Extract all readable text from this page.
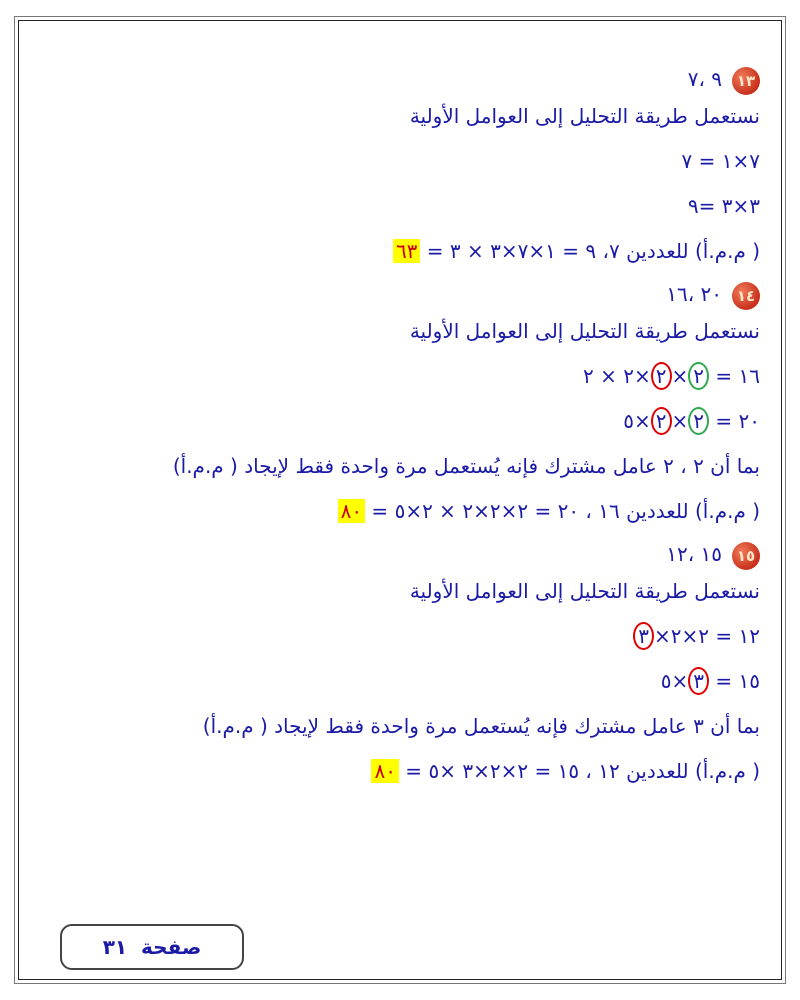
١٣٩ ،٧
نستعمل طريقة التحليل إلى العوامل الأولية
٧×١ = ٧
٣×٣ =٩
( م.م.أ) للعددين ٧، ٩ = ١×٧×٣ × ٣ = ٦٣
١٤٢٠ ،١٦
نستعمل طريقة التحليل إلى العوامل الأولية
١٦ = ٢×٢×٢ × ٢
٢٠ = ٢×٢×٥
بما أن ٢ ، ٢ عامل مشترك فإنه يُستعمل مرة واحدة فقط لإيجاد ( م.م.أ)
( م.م.أ) للعددين ١٦ ، ٢٠ = ٢×٢×٢ × ٢×٥ = ٨٠
١٥١٥ ،١٢
نستعمل طريقة التحليل إلى العوامل الأولية
١٢ = ٢×٢×٣
١٥ = ٣×٥
بما أن ٣ عامل مشترك فإنه يُستعمل مرة واحدة فقط لإيجاد ( م.م.أ)
( م.م.أ) للعددين ١٢ ، ١٥ = ٢×٢×٣ ×٥ = ٨٠
صفحة

٣١
